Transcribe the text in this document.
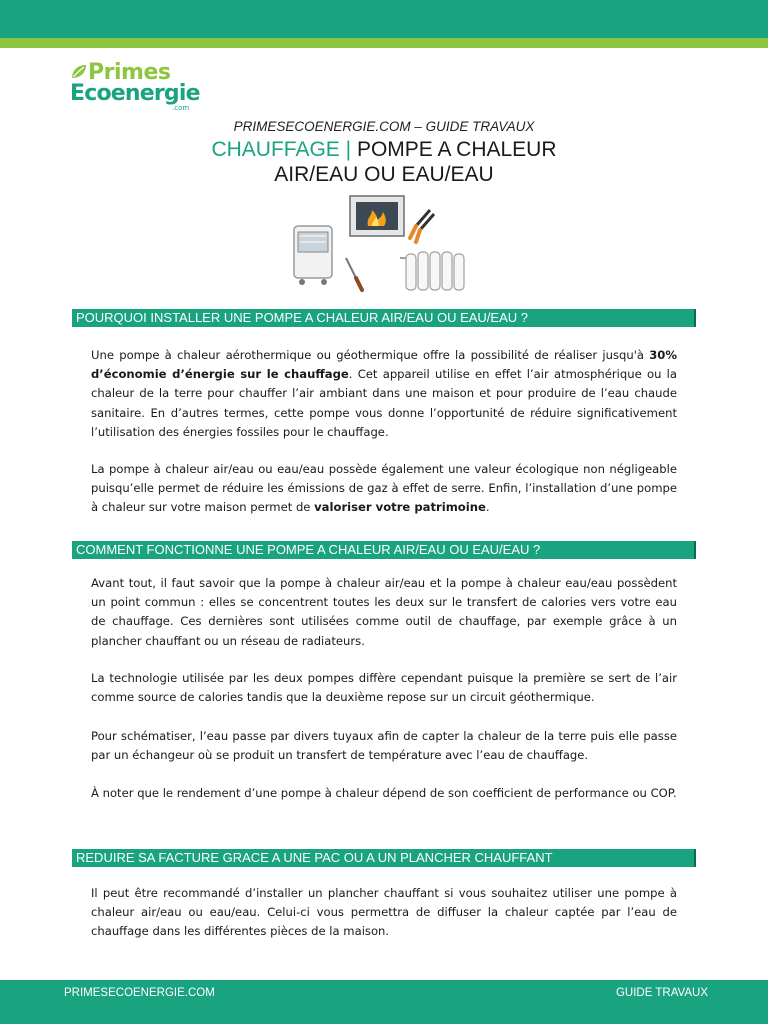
Primes
Ecoenergie
.com
PRIMESECOENERGIE.COM – GUIDE TRAVAUX
CHAUFFAGE | POMPE A CHALEUR
AIR/EAU OU EAU/EAU
POURQUOI INSTALLER UNE POMPE A CHALEUR AIR/EAU OU EAU/EAU ?

Une pompe à chaleur aérothermique ou géothermique offre la possibilité de réaliser jusqu'à 30% d’économie d’énergie sur le chauffage. Cet appareil utilise en effet l’air atmosphérique ou la chaleur de la terre pour chauffer l’air ambiant dans une maison et pour produire de l’eau chaude sanitaire. En d’autres termes, cette pompe vous donne l’opportunité de réduire significativement l’utilisation des énergies fossiles pour le chauffage.

La pompe à chaleur air/eau ou eau/eau possède également une valeur écologique non négligeable puisqu’elle permet de réduire les émissions de gaz à effet de serre. Enfin, l’installation d’une pompe à chaleur sur votre maison permet de valoriser votre patrimoine.

COMMENT FONCTIONNE UNE POMPE A CHALEUR AIR/EAU OU EAU/EAU ?

Avant tout, il faut savoir que la pompe à chaleur air/eau et la pompe à chaleur eau/eau possèdent un point commun : elles se concentrent toutes les deux sur le transfert de calories vers votre eau de chauffage. Ces dernières sont utilisées comme outil de chauffage, par exemple grâce à un plancher chauffant ou un réseau de radiateurs.

La technologie utilisée par les deux pompes diffère cependant puisque la première se sert de l’air comme source de calories tandis que la deuxième repose sur un circuit géothermique.

Pour schématiser, l’eau passe par divers tuyaux afin de capter la chaleur de la terre puis elle passe par un échangeur où se produit un transfert de température avec l’eau de chauffage.

À noter que le rendement d’une pompe à chaleur dépend de son coefficient de performance ou COP.

REDUIRE SA FACTURE GRACE A UNE PAC OU A UN PLANCHER CHAUFFANT

Il peut être recommandé d’installer un plancher chauffant si vous souhaitez utiliser une pompe à chaleur air/eau ou eau/eau. Celui-ci vous permettra de diffuser la chaleur captée par l’eau de chauffage dans les différentes pièces de la maison.

PRIMESECOENERGIE.COM	GUIDE TRAVAUX
